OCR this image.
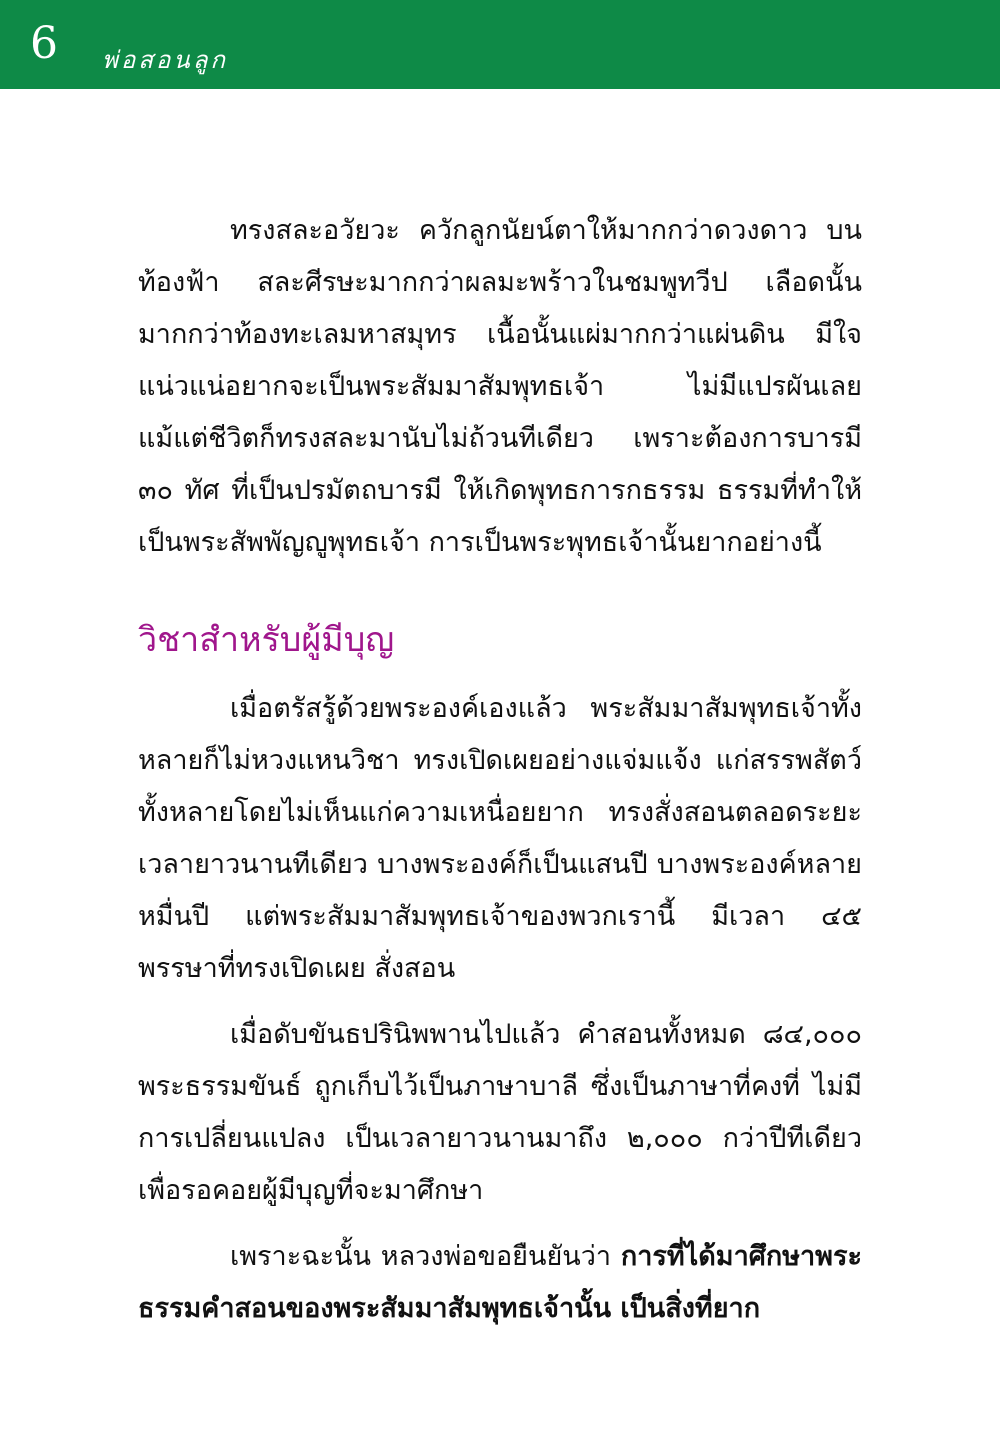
6 พ่อสอนลูก

ทรงสละอวัยวะ ควักลูกนัยน์ตาให้มากกว่าดวงดาว บนท้องฟ้า สละศีรษะมากกว่าผลมะพร้าวในชมพูทวีป เลือดนั้นมากกว่าท้องทะเลมหาสมุทร เนื้อนั้นแผ่มากกว่าแผ่นดิน มีใจแน่วแน่อยากจะเป็นพระสัมมาสัมพุทธเจ้า ไม่มีแปรผันเลย แม้แต่ชีวิตก็ทรงสละมานับไม่ถ้วนทีเดียว เพราะต้องการบารมี ๓๐ ทัศ ที่เป็นปรมัตถบารมี ให้เกิดพุทธการกธรรม ธรรมที่ทำให้เป็นพระสัพพัญญูพุทธเจ้า การเป็นพระพุทธเจ้านั้นยากอย่างนี้

วิชาสำหรับผู้มีบุญ

เมื่อตรัสรู้ด้วยพระองค์เองแล้ว พระสัมมาสัมพุทธเจ้าทั้งหลายก็ไม่หวงแหนวิชา ทรงเปิดเผยอย่างแจ่มแจ้ง แก่สรรพสัตว์ทั้งหลายโดยไม่เห็นแก่ความเหนื่อยยาก ทรงสั่งสอนตลอดระยะเวลายาวนานทีเดียว บางพระองค์ก็เป็นแสนปี บางพระองค์หลายหมื่นปี แต่พระสัมมาสัมพุทธเจ้าของพวกเรานี้ มีเวลา ๔๕ พรรษาที่ทรงเปิดเผย สั่งสอน

เมื่อดับขันธปรินิพพานไปแล้ว คำสอนทั้งหมด ๘๔,๐๐๐ พระธรรมขันธ์ ถูกเก็บไว้เป็นภาษาบาลี ซึ่งเป็นภาษาที่คงที่ ไม่มีการเปลี่ยนแปลง เป็นเวลายาวนานมาถึง ๒,๐๐๐ กว่าปีทีเดียว เพื่อรอคอยผู้มีบุญที่จะมาศึกษา

เพราะฉะนั้น หลวงพ่อขอยืนยันว่า การที่ได้มาศึกษาพระธรรมคำสอนของพระสัมมาสัมพุทธเจ้านั้น เป็นสิ่งที่ยาก
